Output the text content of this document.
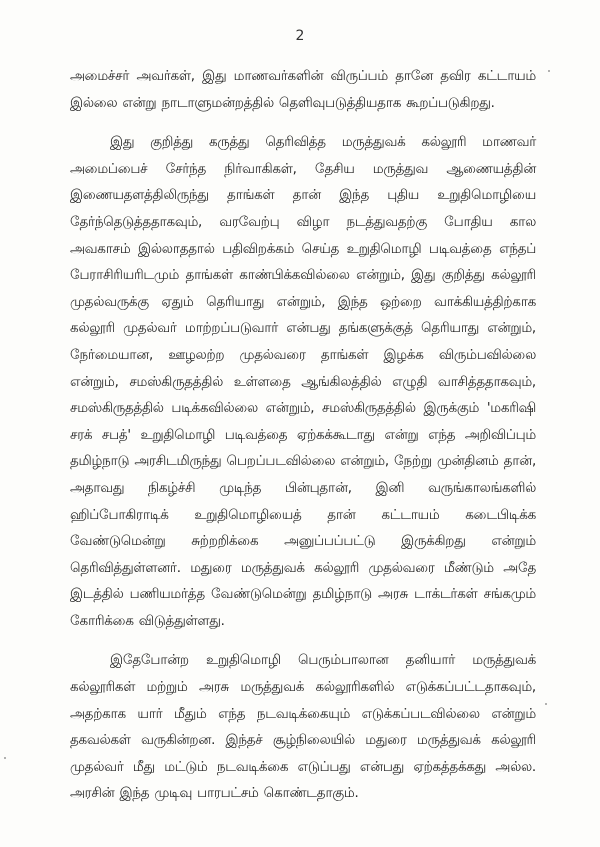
2

அமைச்சர் அவர்கள், இது மாணவர்களின் விருப்பம் தானே தவிர கட்டாயம் இல்லை என்று நாடாளுமன்றத்தில் தெளிவுபடுத்தியதாக கூறப்படுகிறது.

இது குறித்து கருத்து தெரிவித்த மருத்துவக் கல்லூரி மாணவர் அமைப்பைச் சேர்ந்த நிர்வாகிகள், தேசிய மருத்துவ ஆணையத்தின் இணையதளத்திலிருந்து தாங்கள் தான் இந்த புதிய உறுதிமொழியை தேர்ந்தெடுத்ததாகவும், வரவேற்பு விழா நடத்துவதற்கு போதிய கால அவகாசம் இல்லாததால் பதிவிறக்கம் செய்த உறுதிமொழி படிவத்தை எந்தப் பேராசிரியரிடமும் தாங்கள் காண்பிக்கவில்லை என்றும், இது குறித்து கல்லூரி முதல்வருக்கு ஏதும் தெரியாது என்றும், இந்த ஒற்றை வாக்கியத்திற்காக கல்லூரி முதல்வர் மாற்றப்படுவார் என்பது தங்களுக்குத் தெரியாது என்றும், நேர்மையான, ஊழலற்ற முதல்வரை தாங்கள் இழக்க விரும்பவில்லை என்றும், சமஸ்கிருதத்தில் உள்ளதை ஆங்கிலத்தில் எழுதி வாசித்ததாகவும், சமஸ்கிருதத்தில் படிக்கவில்லை என்றும், சமஸ்கிருதத்தில் இருக்கும் 'மகரிஷி சரக் சபத்' உறுதிமொழி படிவத்தை ஏற்கக்கூடாது என்று எந்த அறிவிப்பும் தமிழ்நாடு அரசிடமிருந்து பெறப்படவில்லை என்றும், நேற்று முன்தினம் தான், அதாவது நிகழ்ச்சி முடிந்த பின்புதான், இனி வருங்காலங்களில் ஹிப்போகிராடிக் உறுதிமொழியைத் தான் கட்டாயம் கடைபிடிக்க வேண்டுமென்று சுற்றறிக்கை அனுப்பப்பட்டு இருக்கிறது என்றும் தெரிவித்துள்ளனர். மதுரை மருத்துவக் கல்லூரி முதல்வரை மீண்டும் அதே இடத்தில் பணியமர்த்த வேண்டுமென்று தமிழ்நாடு அரசு டாக்டர்கள் சங்கமும் கோரிக்கை விடுத்துள்ளது.

இதேபோன்ற உறுதிமொழி பெரும்பாலான தனியார் மருத்துவக் கல்லூரிகள் மற்றும் அரசு மருத்துவக் கல்லூரிகளில் எடுக்கப்பட்டதாகவும், அதற்காக யார் மீதும் எந்த நடவடிக்கையும் எடுக்கப்படவில்லை என்றும் தகவல்கள் வருகின்றன. இந்தச் சூழ்நிலையில் மதுரை மருத்துவக் கல்லூரி முதல்வர் மீது மட்டும் நடவடிக்கை எடுப்பது என்பது ஏற்கத்தக்கது அல்ல. அரசின் இந்த முடிவு பாரபட்சம் கொண்டதாகும்.
